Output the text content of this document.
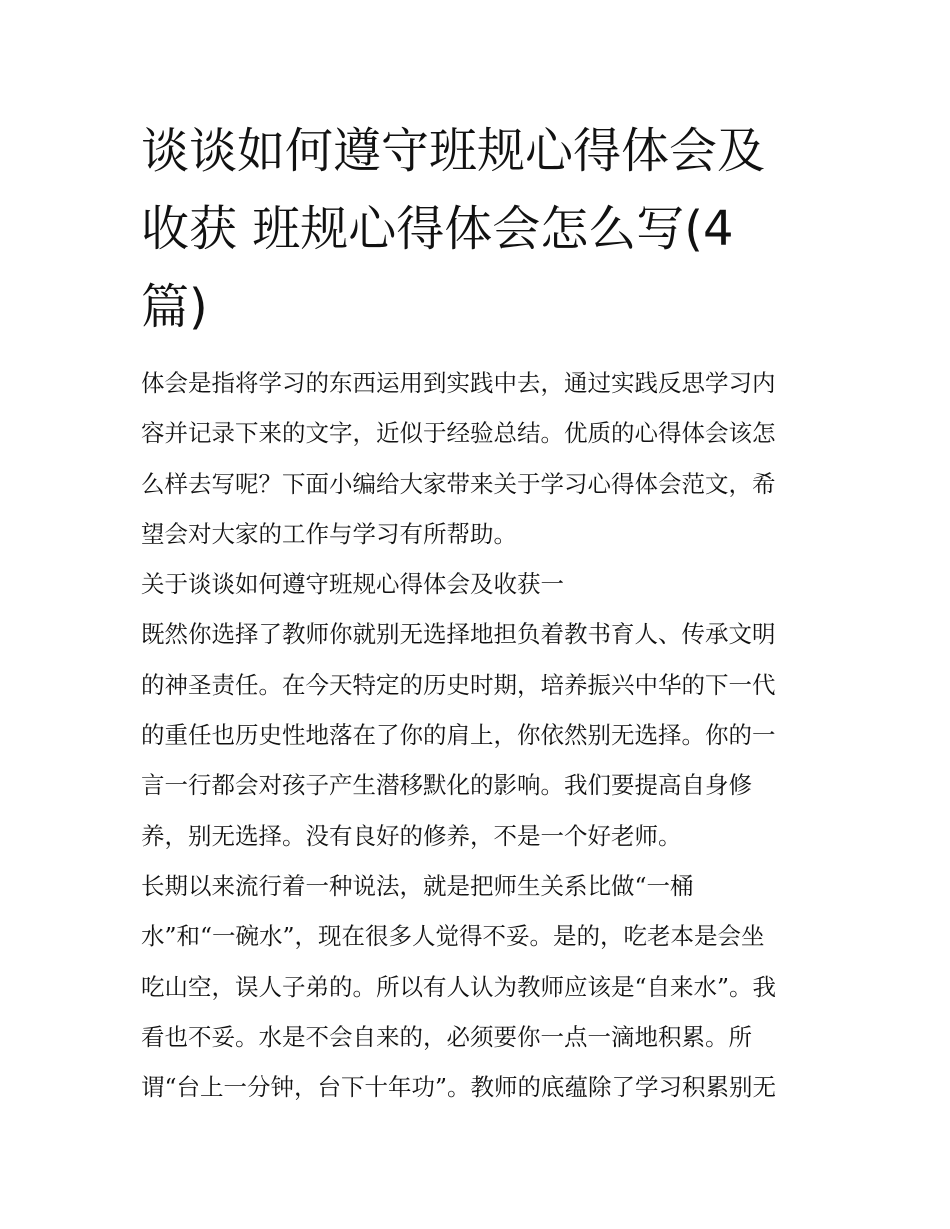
谈谈如何遵守班规心得体会及
收获 班规心得体会怎么写(4
篇)
体会是指将学习的东西运用到实践中去，通过实践反思学习内
容并记录下来的文字，近似于经验总结。优质的心得体会该怎
么样去写呢？下面小编给大家带来关于学习心得体会范文，希
望会对大家的工作与学习有所帮助。
关于谈谈如何遵守班规心得体会及收获一
既然你选择了教师你就别无选择地担负着教书育人、传承文明
的神圣责任。在今天特定的历史时期，培养振兴中华的下一代
的重任也历史性地落在了你的肩上，你依然别无选择。你的一
言一行都会对孩子产生潜移默化的影响。我们要提高自身修
养，别无选择。没有良好的修养，不是一个好老师。
长期以来流行着一种说法，就是把师生关系比做“一桶
水”和“一碗水”，现在很多人觉得不妥。是的，吃老本是会坐
吃山空，误人子弟的。所以有人认为教师应该是“自来水”。我
看也不妥。水是不会自来的，必须要你一点一滴地积累。所
谓“台上一分钟，台下十年功”。教师的底蕴除了学习积累别无
